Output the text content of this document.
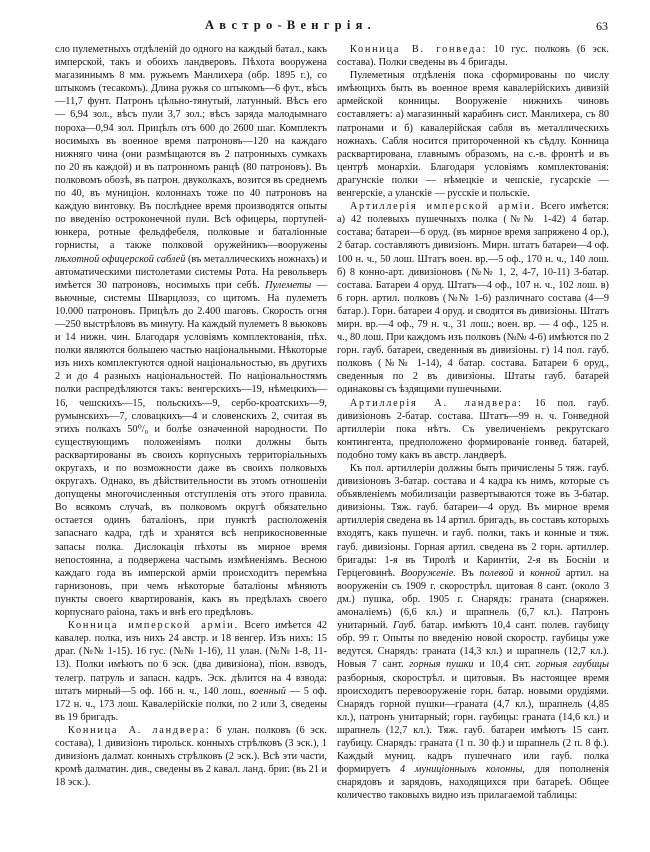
Австро-Венгрія.	63

сло пулеметныхъ отдѣленій до одного на каждый батал., какъ имперской, такъ и обоихъ ландверовъ. Пѣхота вооружена магазиннымъ 8 мм. ружьемъ Манлихера (обр. 1895 г.), со штыкомъ (тесакомъ). Длина ружья со штыкомъ—6 фут., вѣсъ—11,7 фунт. Патронъ цѣльно-тянутый, латунный. Вѣсъ его — 6,94 зол., вѣсъ пули 3,7 зол.; вѣсъ заряда малодымнаго пороха—0,94 зол. Прицѣлъ отъ 600 до 2600 шаг. Комплектъ носимыхъ въ военное время патроновъ—120 на каждаго нижняго чина (они размѣщаются въ 2 патронныхъ сумкахъ по 20 въ каждой) и въ патронномъ ранцѣ (80 патроновъ). Въ полковомъ обозѣ, въ патрон. двуколкахъ, возится въ среднемъ по 40, въ муниціон. колоннахъ тоже по 40 патроновъ на каждую винтовку. Въ послѣднее время производятся опыты по введенію остроконечной пули. Всѣ офицеры, портупей-юнкера, ротные фельдфебеля, полковые и баталіонные горнисты, а также полковой оружейникъ—вооружены пѣхотной офицерской саблей (въ металлическихъ ножнахъ) и автоматическими пистолетами системы Рота. На револьверъ имѣется 30 патроновъ, носимыхъ при себѣ. Пулеметы — вьючные, системы Шварцлозэ, со щитомъ. На пулеметъ 10.000 патроновъ. Прицѣлъ до 2.400 шаговъ. Скорость огня—250 выстрѣловъ въ минуту. На каждый пулеметъ 8 вьюковъ и 14 нижн. чин. Благодаря условіямъ комплектованія, пѣх. полки являются большею частью національными. Нѣкоторые изъ нихъ комплектуются одной національностью, въ другихъ 2 и до 4 разныхъ національностей. По національностямъ полки распредѣляются такъ: венгерскихъ—19, нѣмецкихъ—16, чешскихъ—15, польскихъ—9, сербо-кроатскихъ—9, румынскихъ—7, словацкихъ—4 и словенскихъ 2, считая въ этихъ полкахъ 50⁰/₀ и болѣе означенной народности. По существующимъ положеніямъ полки должны быть расквартированы въ своихъ корпусныхъ территоріальныхъ округахъ, и по возможности даже въ своихъ полковыхъ округахъ. Однако, въ дѣйствительности въ этомъ отношеніи допущены многочисленныя отступленія отъ этого правила. Во всякомъ случаѣ, въ полковомъ округѣ обязательно остается одинъ баталіонъ, при пунктѣ расположенія запаснаго кадра, гдѣ и хранятся всѣ неприкосновенные запасы полка. Дислокація пѣхоты въ мирное время непостоянна, а подвержена частымъ измѣненіямъ. Весною каждаго года въ имперской арміи происходитъ перемѣна гарнизоновъ, при чемъ нѣкоторые баталіоны мѣняютъ пункты своего квартированія, какъ въ предѣлахъ своего корпуснаго раіона, такъ и внѣ его предѣловъ.

Конница имперской арміи. Всего имѣется 42 кавалер. полка, изъ нихъ 24 австр. и 18 венгер. Изъ нихъ: 15 драг. (№№ 1-15). 16 гус. (№№ 1-16), 11 улан. (№№ 1-8, 11-13). Полки имѣютъ по 6 эск. (два дивизіона), піон. взводъ, телегр. патруль и запасн. кадръ. Эск. дѣлится на 4 взвода: штатъ мирный—5 оф. 166 н. ч., 140 лош., военный — 5 оф. 172 н. ч., 173 лош. Кавалерійскіе полки, по 2 или 3, сведены въ 19 бригадъ.

Конница А. ландвера: 6 улан. полковъ (6 эск. состава), 1 дивизіонъ тирольск. конныхъ стрѣлковъ (3 эск.), 1 дивизіонъ далмат. конныхъ стрѣлковъ (2 эск.). Всѣ эти части, кромѣ далматин. див., сведены въ 2 кавал. ланд. бриг. (въ 21 и 18 эск.).

Конница В. гонведа: 10 гус. полковъ (6 эск. состава). Полки сведены въ 4 бригады.

Пулеметныя отдѣленія пока сформированы по числу имѣющихъ быть въ военное время кавалерійскихъ дивизій армейской конницы. Вооруженіе нижнихъ чиновъ составляетъ: а) магазинный карабинъ сист. Манлихера, съ 80 патронами и б) кавалерійская сабля въ металлическихъ ножнахъ. Сабля носится притороченной къ сѣдлу. Конница расквартирована, главнымъ образомъ, на с.-в. фронтѣ и въ центрѣ монархіи. Благодаря условіямъ комплектованія: драгунскіе полки — нѣмецкіе и чешскіе, гусарскіе — венгерскіе, а уланскіе — русскіе и польскіе.

Артиллерія имперской арміи. Всего имѣется: а) 42 полевыхъ пушечныхъ полка (№№ 1-42) 4 батар. состава; батареи—6 оруд. (въ мирное время запряжено 4 ор.), 2 батар. составляютъ дивизіонъ. Мирн. штатъ батареи—4 оф. 100 н. ч., 50 лош. Штатъ воен. вр.—5 оф., 170 н. ч., 140 лош. б) 8 конно-арт. дивизіоновъ (№№ 1, 2, 4-7, 10-11) 3-батар. состава. Батареи 4 оруд. Штатъ—4 оф., 107 н. ч., 102 лош. в) 6 горн. артил. полковъ (№№ 1-6) различнаго состава (4—9 батар.). Горн. батареи 4 оруд. и сводятся въ дивизіоны. Штатъ мирн. вр.—4 оф., 79 н. ч., 31 лош.; воен. вр. — 4 оф., 125 н. ч., 80 лош. При каждомъ изъ полковъ (№№ 4-6) имѣются по 2 горн. гауб. батареи, сведенныя въ дивизіоны. г) 14 пол. гауб. полковъ (№№ 1-14), 4 батар. состава. Батареи 6 оруд., сведенныя по 2 въ дивизіоны. Штаты гауб. батарей одинаковы съ ѣздящими пушечными.

Артиллерія А. ландвера: 16 пол. гауб. дивизіоновъ 2-батар. состава. Штатъ—99 н. ч. Гонведной артиллеріи пока нѣтъ. Съ увеличеніемъ рекрутскаго контингента, предположено формированіе гонвед. батарей, подобно тому какъ въ австр. ландверѣ.

Къ пол. артиллеріи должны быть причислены 5 тяж. гауб. дивизіоновъ 3-батар. состава и 4 кадра къ нимъ, которые съ объявленіемъ мобилизаціи развертываются тоже въ 3-батар. дивизіоны. Тяж. гауб. батареи—4 оруд. Въ мирное время артиллерія сведена въ 14 артил. бригадъ, въ составъ которыхъ входятъ, какъ пушечн. и гауб. полки, такъ и конные и тяж. гауб. дивизіоны. Горная артил. сведена въ 2 горн. артиллер. бригады: 1-я въ Тиролѣ и Каринтіи, 2-я въ Босніи и Герцеговинѣ. Вооруженіе. Въ полевой и конной артил. на вооруженіи съ 1909 г. скорострѣл. щитовая 8 сант. (около 3 дм.) пушка, обр. 1905 г. Снарядъ: граната (снаряжен. амоналіемъ) (6,6 кл.) и шрапнель (6,7 кл.). Патронъ унитарный. Гауб. батар. имѣютъ 10,4 сант. полев. гаубицу обр. 99 г. Опыты по введенію новой скоростр. гаубицы уже ведутся. Снарядъ: граната (14,3 кл.) и шрапнель (12,7 кл.). Новыя 7 сант. горныя пушки и 10,4 снт. горныя гаубицы разборныя, скорострѣл. и щитовыя. Въ настоящее время происходитъ перевооруженіе горн. батар. новыми орудіями. Снарядъ горной пушки—граната (4,7 кл.), шрапнель (4,85 кл.), патронъ унитарный; горн. гаубицы: граната (14,6 кл.) и шрапнель (12,7 кл.). Тяж. гауб. батареи имѣютъ 15 сант. гаубицу. Снарядъ: граната (1 п. 30 ф.) и шрапнель (2 п. 8 ф.). Каждый муниц. кадръ пушечнаго или гауб. полка формируетъ 4 муниціонныхъ колонны, для пополненія снарядовъ и зарядовъ, находящихся при батареѣ. Общее количество таковыхъ видно изъ прилагаемой таблицы:
